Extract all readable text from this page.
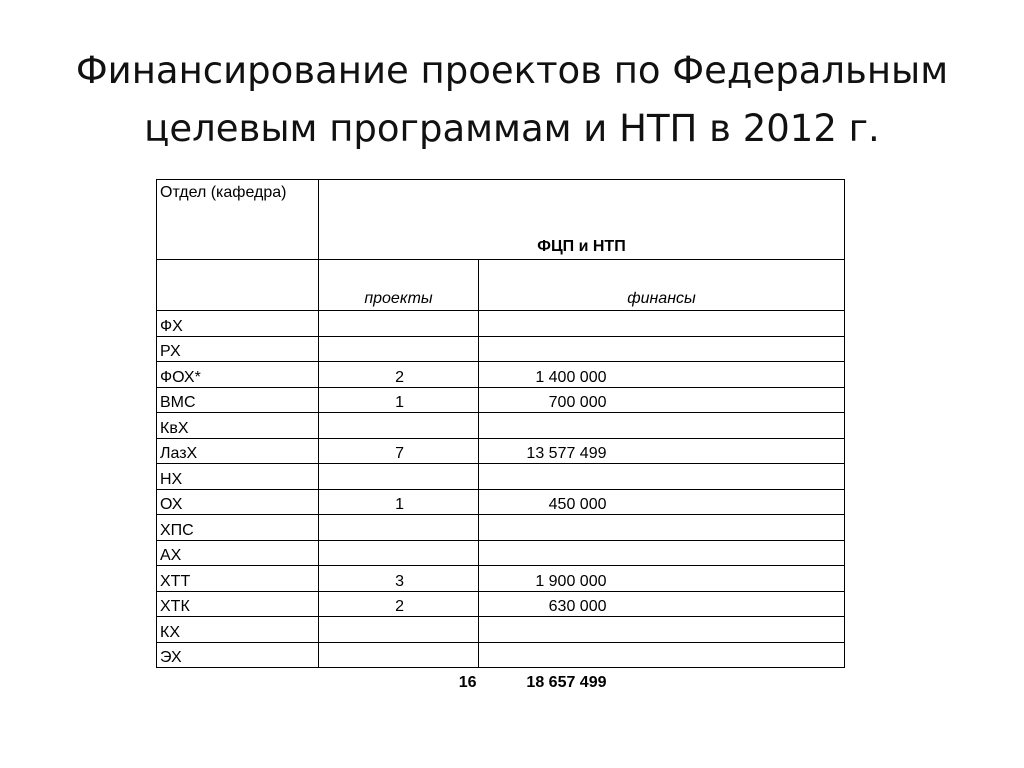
Финансирование проектов по Федеральным
целевым программам и НТП в 2012 г.
Отдел (кафедра)	ФЦП и НТП		
	проекты	финансы	
ФХ			
РХ			
ФОХ*	2	1 400 000	
ВМС	1	700 000	
КвХ			
ЛазХ	7	13 577 499	
НХ			
ОХ	1	450 000	
ХПС			
АХ			
ХТТ	3	1 900 000	
ХТК	2	630 000	
КХ			
ЭХ			
	16	18 657 499	
